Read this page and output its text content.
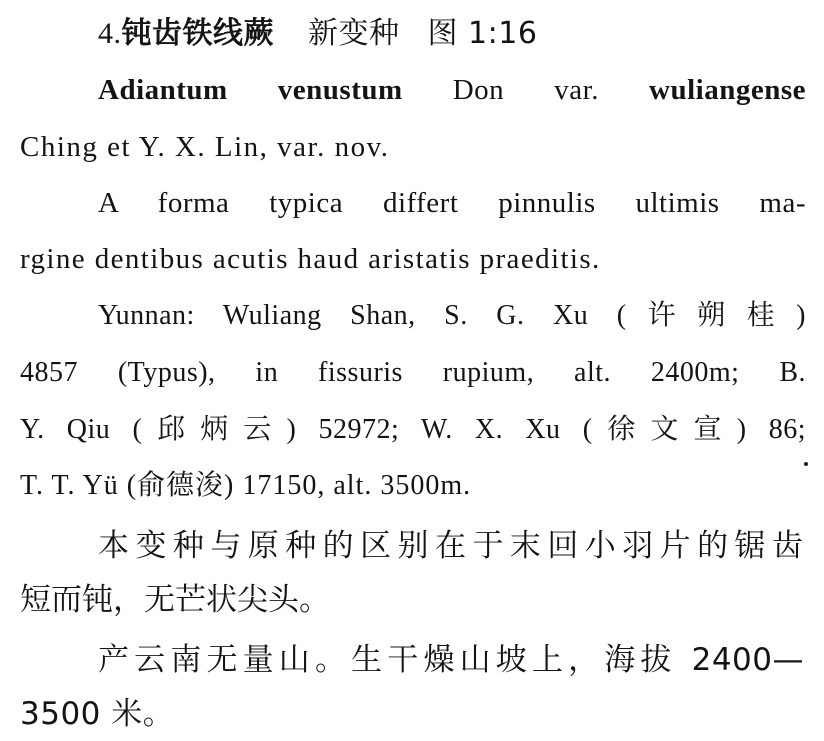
4.钝齿铁线蕨 新变种 图 1:16
Adiantum venustum Don var. wuliangense
Ching et Y. X. Lin, var. nov.
A forma typica differt pinnulis ultimis ma-
rgine dentibus acutis haud aristatis praeditis.
Yunnan: Wuliang Shan, S. G. Xu (许朔桂)
4857 (Typus), in fissuris rupium, alt. 2400m; B.
Y. Qiu (邱炳云) 52972; W. X. Xu (徐文宣) 86;
T. T. Yü (俞德浚) 17150, alt. 3500m.
本变种与原种的区别在于末回小羽片的锯齿
短而钝，无芒状尖头。
产云南无量山。生干燥山坡上，海拔 2400—
3500 米。
